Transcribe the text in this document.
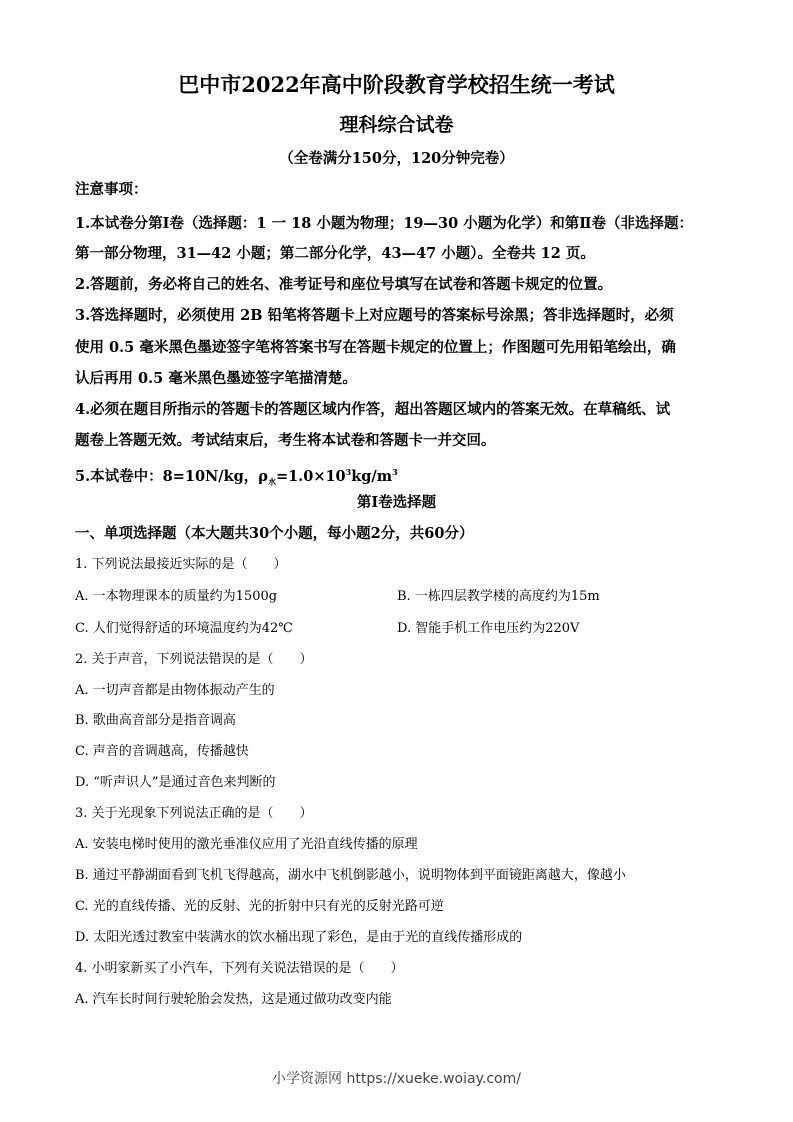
巴中市2022年高中阶段教育学校招生统一考试
理科综合试卷
（全卷满分150分，120分钟完卷）
注意事项：
1.本试卷分第Ⅰ卷（选择题：1 一 18 小题为物理；19—30 小题为化学）和第Ⅱ卷（非选择题：
第一部分物理，31—42 小题；第二部分化学，43—47 小题）。全卷共 12 页。
2.答题前，务必将自己的姓名、准考证号和座位号填写在试卷和答题卡规定的位置。
3.答选择题时，必须使用 2B 铅笔将答题卡上对应题号的答案标号涂黑；答非选择题时，必须
使用 0.5 毫米黑色墨迹签字笔将答案书写在答题卡规定的位置上；作图题可先用铅笔绘出，确
认后再用 0.5 毫米黑色墨迹签字笔描清楚。
4.必须在题目所指示的答题卡的答题区域内作答，超出答题区域内的答案无效。在草稿纸、试
题卷上答题无效。考试结束后，考生将本试卷和答题卡一并交回。
5.本试卷中：8=10N/kg，$\rho_水=1.0\times 10^3kg/m^3$
第Ⅰ卷选择题
一、单项选择题（本大题共30个小题，每小题2分，共60分）
1. 下列说法最接近实际的是（　　）
A. 一本物理课本的质量约为1500g	B. 一栋四层教学楼的高度约为15m
C. 人们觉得舒适的环境温度约为42℃	D. 智能手机工作电压约为220V
2. 关于声音，下列说法错误的是（　　）
A. 一切声音都是由物体振动产生的
B. 歌曲高音部分是指音调高
C. 声音的音调越高，传播越快
D. “听声识人”是通过音色来判断的
3. 关于光现象下列说法正确的是（　　）
A. 安装电梯时使用的激光垂准仪应用了光沿直线传播的原理
B. 通过平静湖面看到飞机飞得越高，湖水中飞机倒影越小，说明物体到平面镜距离越大，像越小
C. 光的直线传播、光的反射、光的折射中只有光的反射光路可逆
D. 太阳光透过教室中装满水的饮水桶出现了彩色，是由于光的直线传播形成的
4. 小明家新买了小汽车，下列有关说法错误的是（　　）
A. 汽车长时间行驶轮胎会发热，这是通过做功改变内能
小学资源网 https://xueke.woiay.com/
